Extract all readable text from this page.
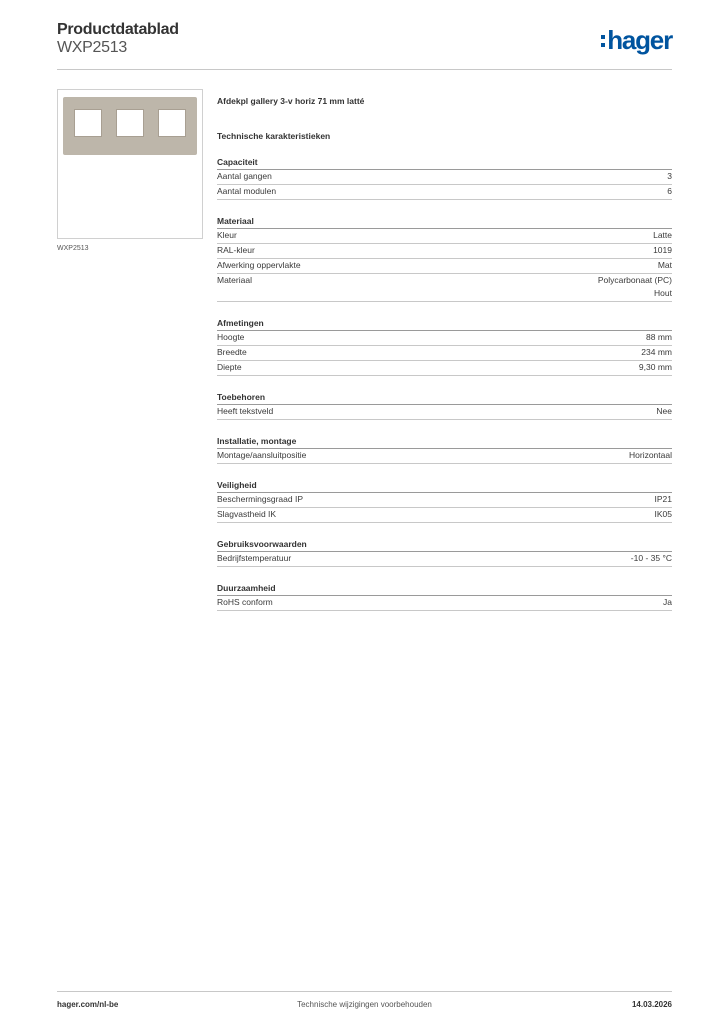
Productdatablad
WXP2513	hager
WXP2513
Afdekpl gallery 3-v horiz 71 mm latté
Technische karakteristieken
Capaciteit
Aantal gangen	3
Aantal modulen	6
Materiaal
Kleur	Latte
RAL-kleur	1019
Afwerking oppervlakte	Mat
Materiaal	Polycarbonaat (PC)
Hout
Afmetingen
Hoogte	88 mm
Breedte	234 mm
Diepte	9,30 mm
Toebehoren
Heeft tekstveld	Nee
Installatie, montage
Montage/aansluitpositie	Horizontaal
Veiligheid
Beschermingsgraad IP	IP21
Slagvastheid IK	IK05
Gebruiksvoorwaarden
Bedrijfstemperatuur	-10 - 35 °C
Duurzaamheid
RoHS conform	Ja
hager.com/nl-be	Technische wijzigingen voorbehouden	14.03.2026
